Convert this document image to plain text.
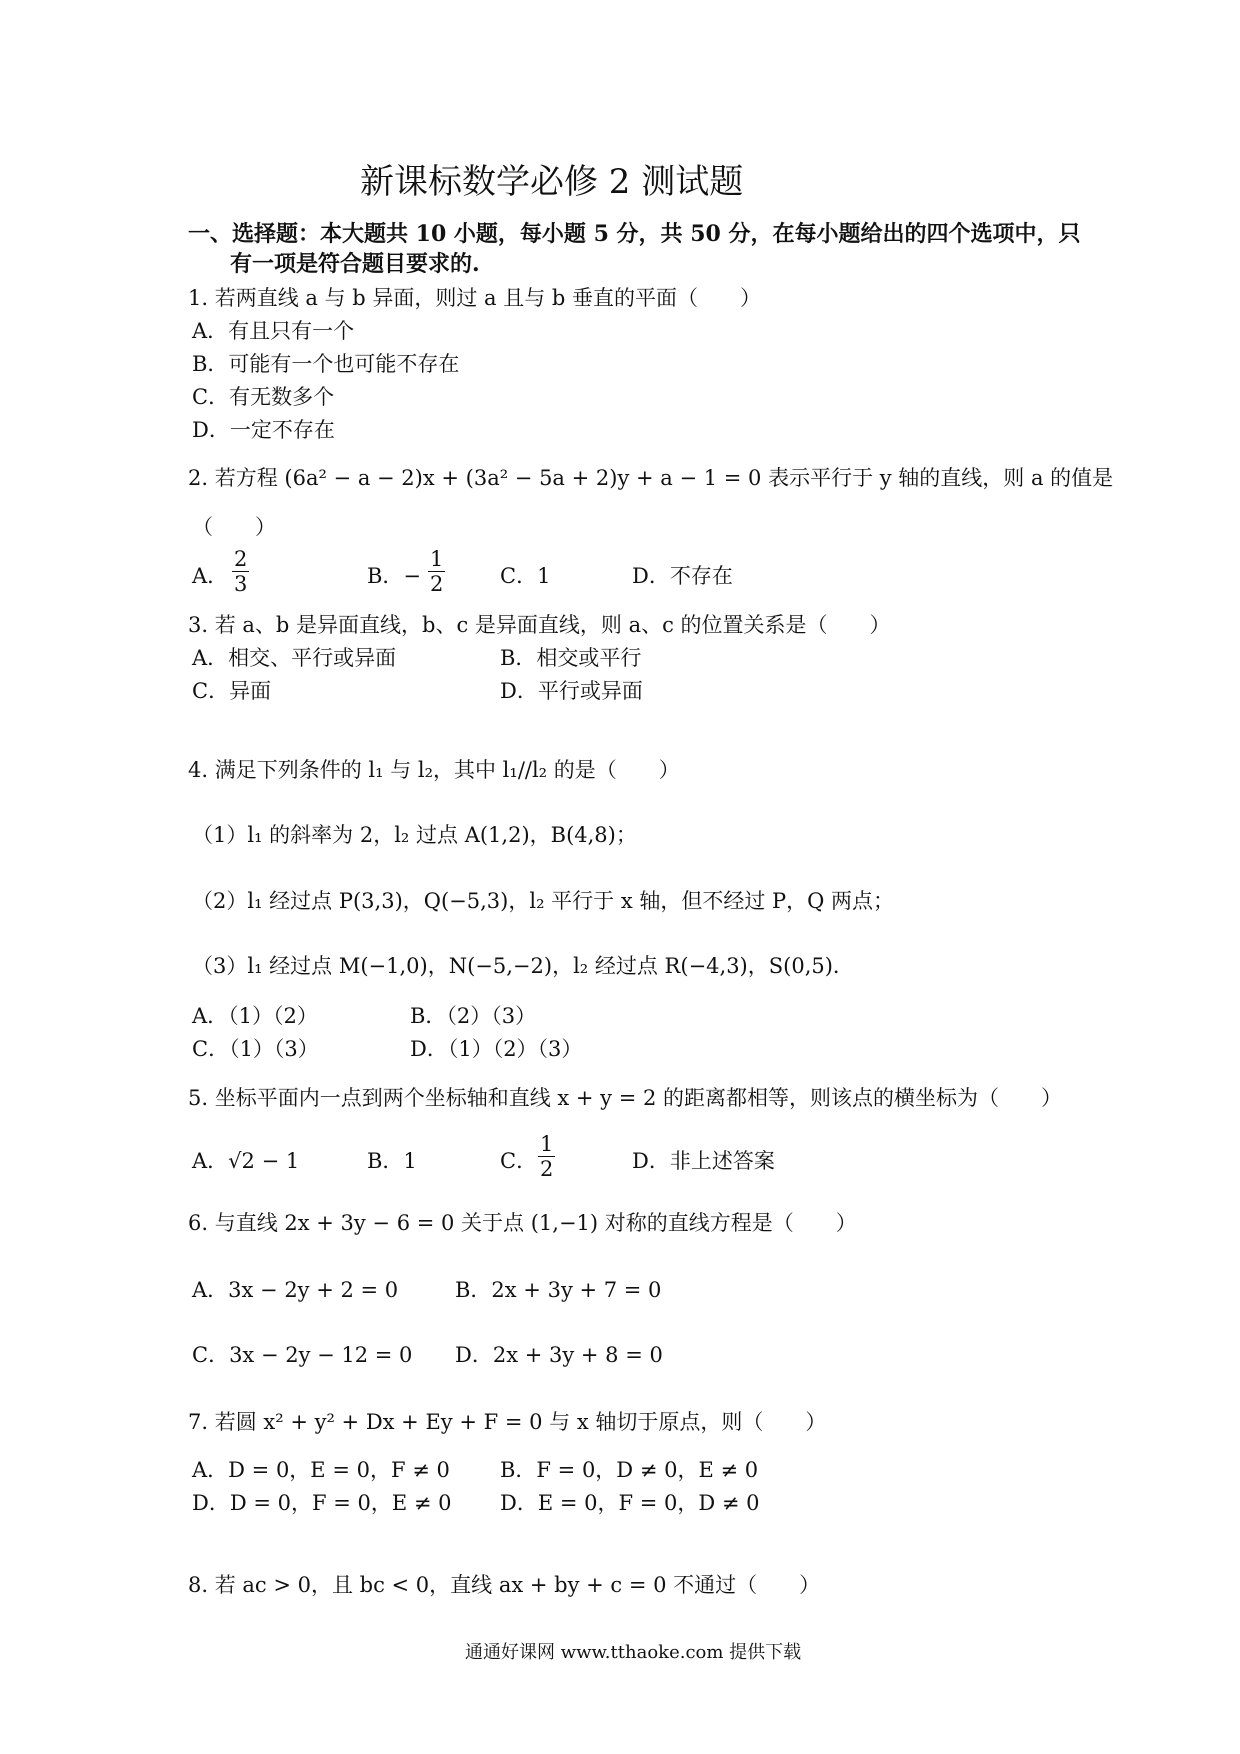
新课标数学必修 2 测试题
一、选择题：本大题共 10 小题，每小题 5 分，共 50 分，在每小题给出的四个选项中，只
有一项是符合题目要求的.
1. 若两直线 a 与 b 异面，则过 a 且与 b 垂直的平面（　　）
A．有且只有一个
B．可能有一个也可能不存在
C．有无数多个
D．一定不存在
2. 若方程 (6a² − a − 2)x + (3a² − 5a + 2)y + a − 1 = 0 表示平行于 y 轴的直线，则 a 的值是
（　　）
A． $\frac{2}{3}$	B．− $\frac{1}{2}$	C．1	D．不存在
3. 若 a、b 是异面直线，b、c 是异面直线，则 a、c 的位置关系是（　　）
A．相交、平行或异面	B．相交或平行
C．异面	D．平行或异面
4. 满足下列条件的 l₁ 与 l₂，其中 l₁//l₂ 的是（　　）
（1）l₁ 的斜率为 2，l₂ 过点 A(1,2)，B(4,8)；
（2）l₁ 经过点 P(3,3)，Q(−5,3)，l₂ 平行于 x 轴，但不经过 P，Q 两点；
（3）l₁ 经过点 M(−1,0)，N(−5,−2)，l₂ 经过点 R(−4,3)，S(0,5)．
A．（1）（2）	B．（2）（3）
C．（1）（3）	D．（1）（2）（3）
5. 坐标平面内一点到两个坐标轴和直线 x + y = 2 的距离都相等，则该点的横坐标为（　　）
A．√2 − 1	B．1	C． $\frac{1}{2}$	D．非上述答案
6. 与直线 2x + 3y − 6 = 0 关于点 (1,−1) 对称的直线方程是（　　）
A．3x − 2y + 2 = 0	B．2x + 3y + 7 = 0
C．3x − 2y − 12 = 0 D．2x + 3y + 8 = 0
7. 若圆 x² + y² + Dx + Ey + F = 0 与 x 轴切于原点，则（　　）
A．D = 0，E = 0，F ≠ 0 B．F = 0，D ≠ 0，E ≠ 0
D．D = 0，F = 0，E ≠ 0 D．E = 0，F = 0，D ≠ 0
8. 若 ac > 0，且 bc < 0，直线 ax + by + c = 0 不通过（　　）
通通好课网 www.tthaoke.com 提供下载
